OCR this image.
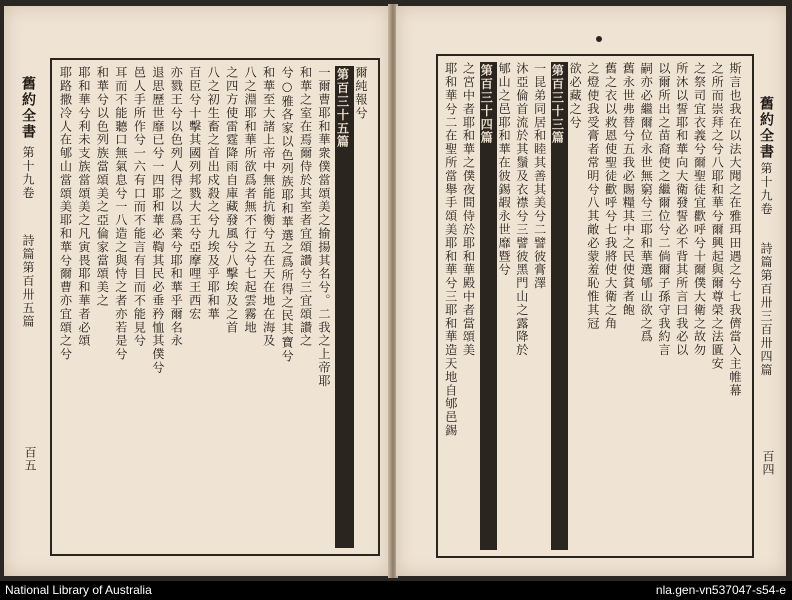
舊約全書
第十九卷
詩篇第百卅五篇
百五
爾純報兮
第百三十五篇
一爾曹耶和華衆僕當頌美之揄揚其名兮。二我之上帝耶
和華之室在焉爾侍於其室者宜頌讚兮三宜頌讚之
兮○雅各家以色列族耶和華選之爲所得之民其寶兮
和華至大諸上帝中無能抗衡兮五在天在地在海及
八之淵耶和華所欲爲者無不行之兮七起雲霧地
之四方使雷霆降雨自庫藏發風兮八擊埃及之首
八之初生畜之首出戍殺之兮九埃及乎耶和華
百臣兮十擊其國列邦戮大王兮亞摩哩王西宏
亦戮王兮以色列人得之以爲業兮耶和華乎爾名永
退思歷世靡已兮一四耶和華必鞫其民必垂矜恤其僕兮
邑人手所作兮一六有口而不能言有目而不能見兮
耳而不能聽口無氣息兮一八造之與恃之者亦若是兮
和華兮以色列族當頌美之亞倫家當頌美之
耶和華兮利未支族當頌美之凡寅畏耶和華者必頌
耶路撒冷人在郇山當頌美耶和華兮爾曹亦宜頌之兮	斯言也我在以法大聞之在雅珥田遇之兮七我儕當入主帷幕
之所而崇拜之兮八耶和華兮爾興起與爾尊榮之法匱安
之祭司宜衣義兮爾聖徒宜歡呼兮十爾僕大衛之故勿
所沐以誓耶和華向大衛發誓必不背其所言曰我必以
以爾所出之苗裔使之繼爾位兮二倘爾子孫守我約言
嗣亦必繼爾位永世無窮兮三耶和華選郇山欲之爲
舊永世弗替兮五我必賜糧其中之民使貧者飽
舊之衣以救恩使聖徒歡呼兮七我將使大衛之角
之燈使我受膏者常明兮八其敵必蒙羞恥惟其冠
欲必藏之兮
第百三十三篇
一昆弟同居和睦其善其美兮二譬彼膏澤
沐亞倫首流於其鬚及衣襟兮三譬彼黑門山之露降於
郇山之邑耶和華在彼錫嘏永世靡暨兮
第百三十四篇
之宮中者耶和華之僕夜間侍於耶和華殿中者當頌美
耶和華兮二在聖所當舉手頌美耶和華兮三耶和華造天地自郇邑錫	舊約全書
第十九卷
詩篇第百卅三百卅四篇
百四
National Library of Australia	nla.gen-vn537047-s54-e
